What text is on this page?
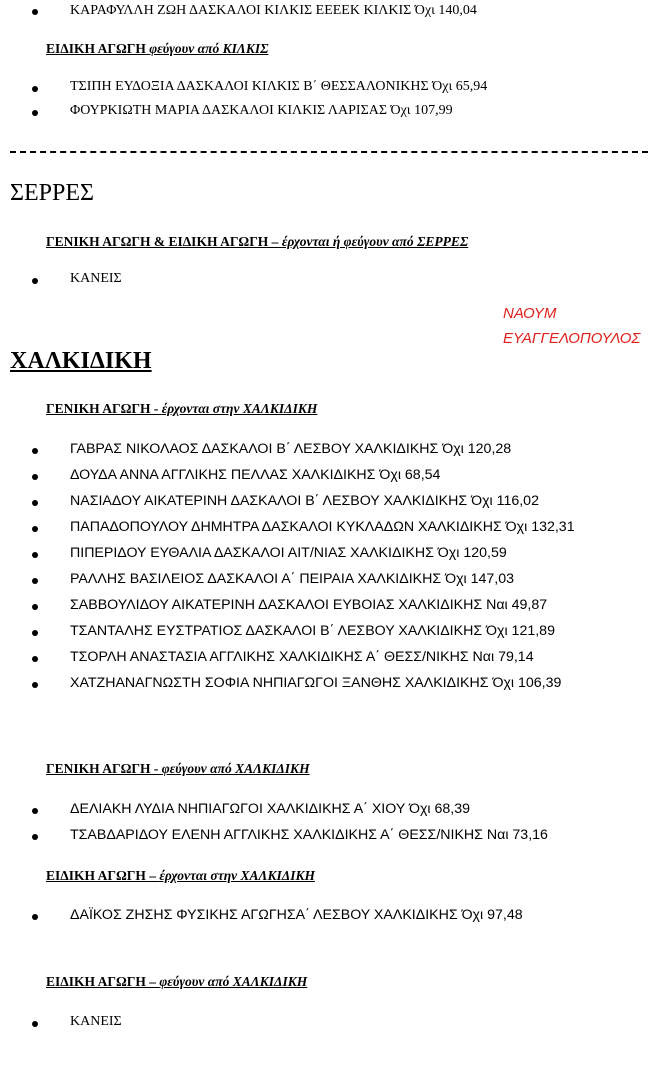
ΚΑΡΑΦΥΛΛΗ ΖΩΗ ΔΑΣΚΑΛΟΙ ΚΙΛΚΙΣ ΕΕΕΕΚ ΚΙΛΚΙΣ Όχι 140,04
ΕΙΔΙΚΗ ΑΓΩΓΗ φεύγουν από ΚΙΛΚΙΣ
ΤΣΙΠΗ ΕΥΔΟΞΙΑ ΔΑΣΚΑΛΟΙ ΚΙΛΚΙΣ Β΄ ΘΕΣΣΑΛΟΝΙΚΗΣ Όχι 65,94
ΦΟΥΡΚΙΩΤΗ ΜΑΡΙΑ ΔΑΣΚΑΛΟΙ ΚΙΛΚΙΣ ΛΑΡΙΣΑΣ Όχι 107,99
ΣΕΡΡΕΣ
ΓΕΝΙΚΗ ΑΓΩΓΗ & ΕΙΔΙΚΗ ΑΓΩΓΗ – έρχονται ή φεύγουν από ΣΕΡΡΕΣ
ΚΑΝΕΙΣ
ΝΑΟΥΜ
ΕΥΑΓΓΕΛΟΠΟΥΛΟΣ
ΧΑΛΚΙΔΙΚΗ
ΓΕΝΙΚΗ ΑΓΩΓΗ - έρχονται στην ΧΑΛΚΙΔΙΚΗ
ΓΑΒΡΑΣ ΝΙΚΟΛΑΟΣ ΔΑΣΚΑΛΟΙ Β΄ ΛΕΣΒΟΥ ΧΑΛΚΙΔΙΚΗΣ Όχι 120,28
ΔΟΥΔΑ ΑΝΝΑ ΑΓΓΛΙΚΗΣ ΠΕΛΛΑΣ ΧΑΛΚΙΔΙΚΗΣ Όχι 68,54
ΝΑΣΙΑΔΟΥ ΑΙΚΑΤΕΡΙΝΗ ΔΑΣΚΑΛΟΙ Β΄ ΛΕΣΒΟΥ ΧΑΛΚΙΔΙΚΗΣ Όχι 116,02
ΠΑΠΑΔΟΠΟΥΛΟΥ ΔΗΜΗΤΡΑ ΔΑΣΚΑΛΟΙ ΚΥΚΛΑΔΩΝ ΧΑΛΚΙΔΙΚΗΣ Όχι 132,31
ΠΙΠΕΡΙΔΟΥ ΕΥΘΑΛΙΑ ΔΑΣΚΑΛΟΙ ΑΙΤ/ΝΙΑΣ ΧΑΛΚΙΔΙΚΗΣ Όχι 120,59
ΡΑΛΛΗΣ ΒΑΣΙΛΕΙΟΣ ΔΑΣΚΑΛΟΙ Α΄ ΠΕΙΡΑΙΑ ΧΑΛΚΙΔΙΚΗΣ Όχι 147,03
ΣΑΒΒΟΥΛΙΔΟΥ ΑΙΚΑΤΕΡΙΝΗ ΔΑΣΚΑΛΟΙ ΕΥΒΟΙΑΣ ΧΑΛΚΙΔΙΚΗΣ Ναι 49,87
ΤΣΑΝΤΑΛΗΣ ΕΥΣΤΡΑΤΙΟΣ ΔΑΣΚΑΛΟΙ Β΄ ΛΕΣΒΟΥ ΧΑΛΚΙΔΙΚΗΣ Όχι 121,89
ΤΣΟΡΛΗ ΑΝΑΣΤΑΣΙΑ ΑΓΓΛΙΚΗΣ ΧΑΛΚΙΔΙΚΗΣ Α΄ ΘΕΣΣ/ΝΙΚΗΣ Ναι 79,14
ΧΑΤΖΗΑΝΑΓΝΩΣΤΗ ΣΟΦΙΑ ΝΗΠΙΑΓΩΓΟΙ ΞΑΝΘΗΣ ΧΑΛΚΙΔΙΚΗΣ Όχι 106,39
ΓΕΝΙΚΗ ΑΓΩΓΗ - φεύγουν από ΧΑΛΚΙΔΙΚΗ
ΔΕΛΙΑΚΗ ΛΥΔΙΑ ΝΗΠΙΑΓΩΓΟΙ ΧΑΛΚΙΔΙΚΗΣ Α΄ ΧΙΟΥ Όχι 68,39
ΤΣΑΒΔΑΡΙΔΟΥ ΕΛΕΝΗ ΑΓΓΛΙΚΗΣ ΧΑΛΚΙΔΙΚΗΣ Α΄ ΘΕΣΣ/ΝΙΚΗΣ Ναι 73,16
ΕΙΔΙΚΗ ΑΓΩΓΗ – έρχονται στην ΧΑΛΚΙΔΙΚΗ
ΔΑΪΚΟΣ ΖΗΣΗΣ ΦΥΣΙΚΗΣ ΑΓΩΓΗΣΑ΄ ΛΕΣΒΟΥ ΧΑΛΚΙΔΙΚΗΣ Όχι 97,48
ΕΙΔΙΚΗ ΑΓΩΓΗ – φεύγουν από ΧΑΛΚΙΔΙΚΗ
ΚΑΝΕΙΣ
